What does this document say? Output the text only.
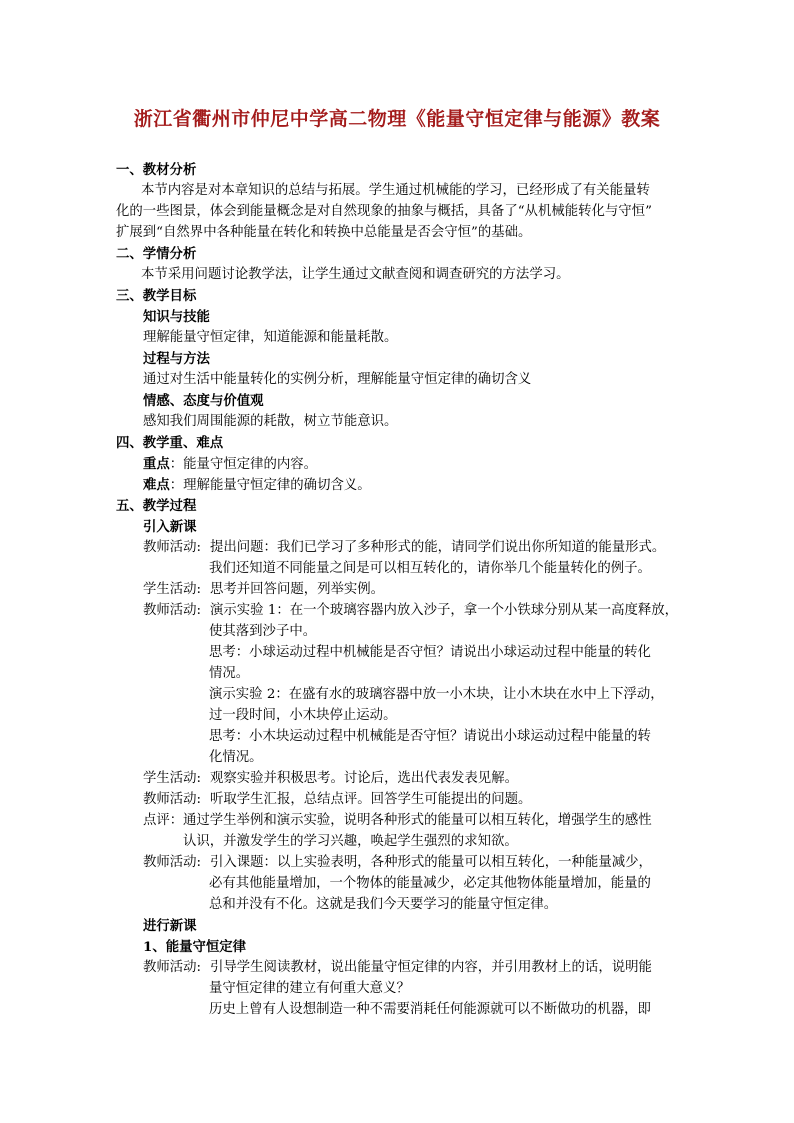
浙江省衢州市仲尼中学高二物理《能量守恒定律与能源》教案
一、教材分析
本节内容是对本章知识的总结与拓展。学生通过机械能的学习，已经形成了有关能量转
化的一些图景，体会到能量概念是对自然现象的抽象与概括，具备了“从机械能转化与守恒”
扩展到“自然界中各种能量在转化和转换中总能量是否会守恒”的基础。
二、学情分析
本节采用问题讨论教学法，让学生通过文献查阅和调查研究的方法学习。
三、教学目标
知识与技能
理解能量守恒定律，知道能源和能量耗散。
过程与方法
通过对生活中能量转化的实例分析，理解能量守恒定律的确切含义
情感、态度与价值观
感知我们周围能源的耗散，树立节能意识。
四、教学重、难点
重点：能量守恒定律的内容。
难点：理解能量守恒定律的确切含义。
五、教学过程
引入新课
教师活动: 提出问题：我们已学习了多种形式的能，请同学们说出你所知道的能量形式。
我们还知道不同能量之间是可以相互转化的，请你举几个能量转化的例子。
学生活动: 思考并回答问题，列举实例。
教师活动: 演示实验 1：在一个玻璃容器内放入沙子，拿一个小铁球分别从某一高度释放，
使其落到沙子中。
思考：小球运动过程中机械能是否守恒？请说出小球运动过程中能量的转化
情况。
演示实验 2：在盛有水的玻璃容器中放一小木块，让小木块在水中上下浮动，
过一段时间，小木块停止运动。
思考：小木块运动过程中机械能是否守恒？请说出小球运动过程中能量的转
化情况。
学生活动: 观察实验并积极思考。讨论后，选出代表发表见解。
教师活动: 听取学生汇报，总结点评。回答学生可能提出的问题。
点评：通过学生举例和演示实验，说明各种形式的能量可以相互转化，增强学生的感性
认识，并激发学生的学习兴趣，唤起学生强烈的求知欲。
教师活动: 引入课题：以上实验表明，各种形式的能量可以相互转化，一种能量减少，
必有其他能量增加，一个物体的能量减少，必定其他物体能量增加，能量的
总和并没有不化。这就是我们今天要学习的能量守恒定律。
进行新课
1、能量守恒定律
教师活动: 引导学生阅读教材，说出能量守恒定律的内容，并引用教材上的话，说明能
量守恒定律的建立有何重大意义？
历史上曾有人设想制造一种不需要消耗任何能源就可以不断做功的机器，即
